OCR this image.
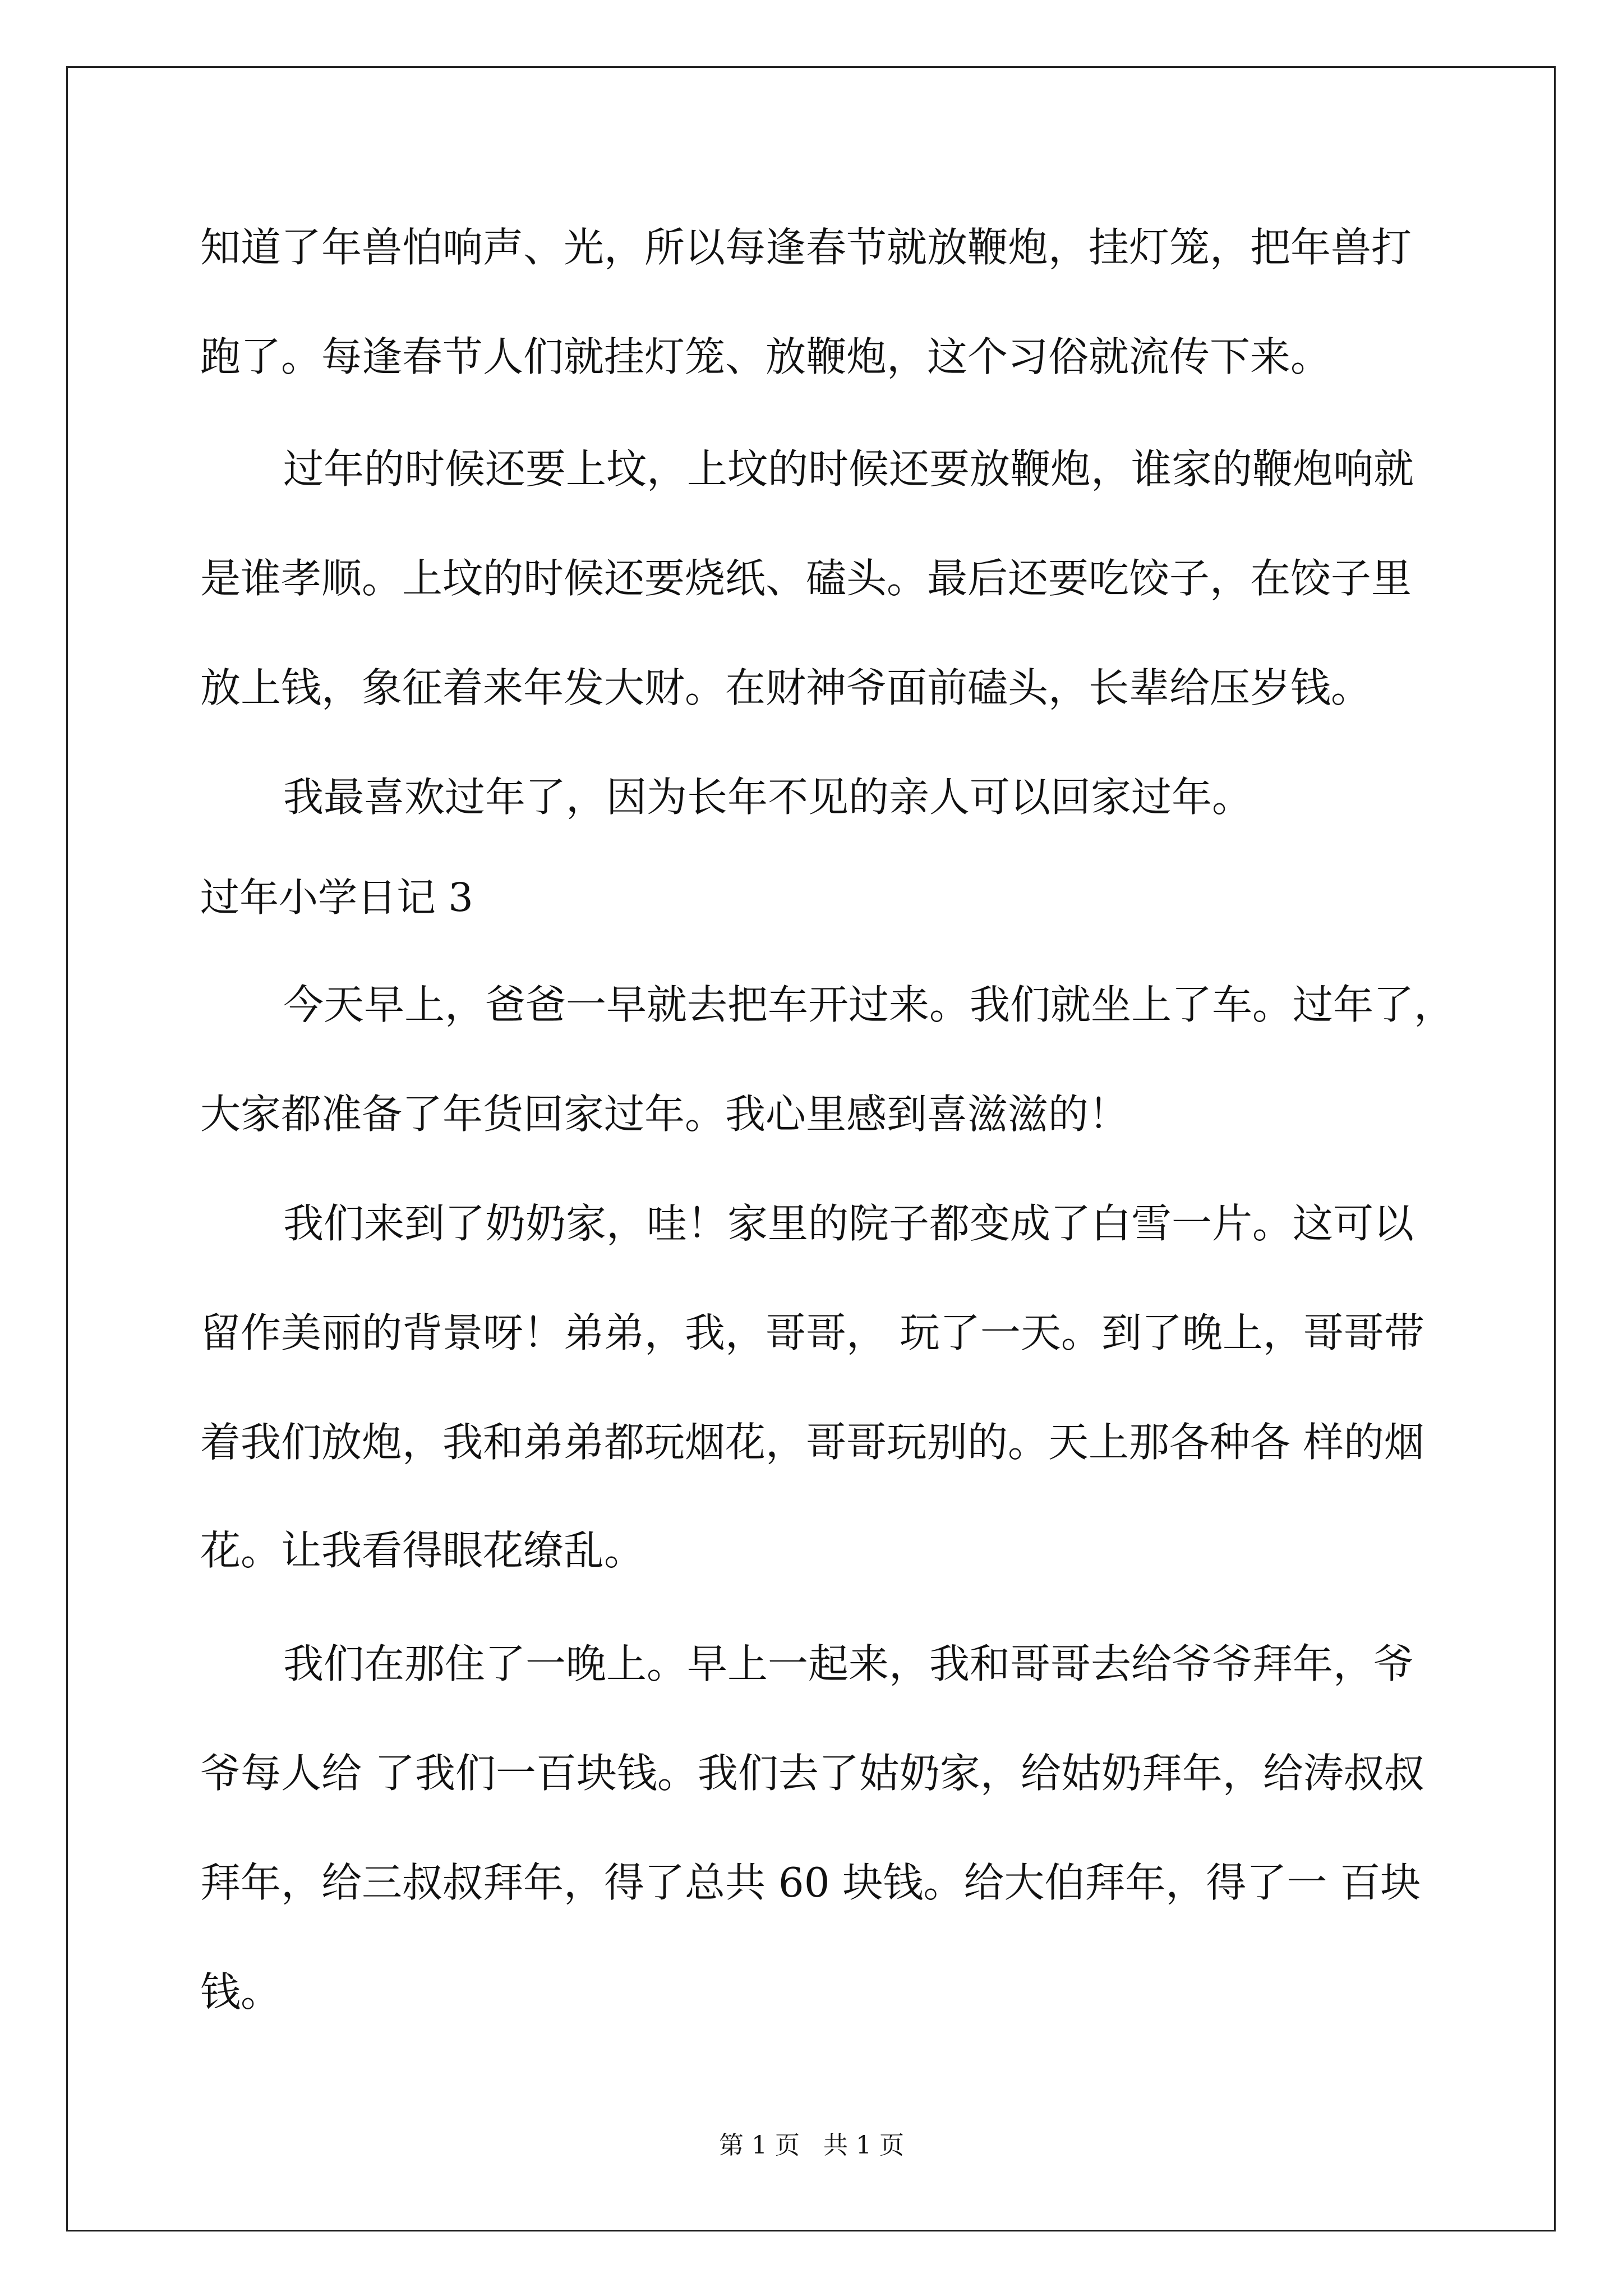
知道了年兽怕响声、光，所以每逢春节就放鞭炮，挂灯笼，把年兽打
跑了。每逢春节人们就挂灯笼、放鞭炮，这个习俗就流传下来。
过年的时候还要上坟，上坟的时候还要放鞭炮，谁家的鞭炮响就
是谁孝顺。上坟的时候还要烧纸、磕头。最后还要吃饺子，在饺子里
放上钱，象征着来年发大财。在财神爷面前磕头，长辈给压岁钱。
我最喜欢过年了，因为长年不见的亲人可以回家过年。
过年小学日记 3
今天早上，爸爸一早就去把车开过来。我们就坐上了车。过年了，
大家都准备了年货回家过年。我心里感到喜滋滋的！
我们来到了奶奶家，哇！家里的院子都变成了白雪一片。这可以
留作美丽的背景呀！弟弟，我，哥哥， 玩了一天。到了晚上，哥哥带
着我们放炮，我和弟弟都玩烟花，哥哥玩别的。天上那各种各 样的烟
花。让我看得眼花缭乱。
我们在那住了一晚上。早上一起来，我和哥哥去给爷爷拜年，爷
爷每人给 了我们一百块钱。我们去了姑奶家，给姑奶拜年，给涛叔叔
拜年，给三叔叔拜年，得了总共 60 块钱。给大伯拜年，得了一 百块
钱。
第 1 页   共 1 页
